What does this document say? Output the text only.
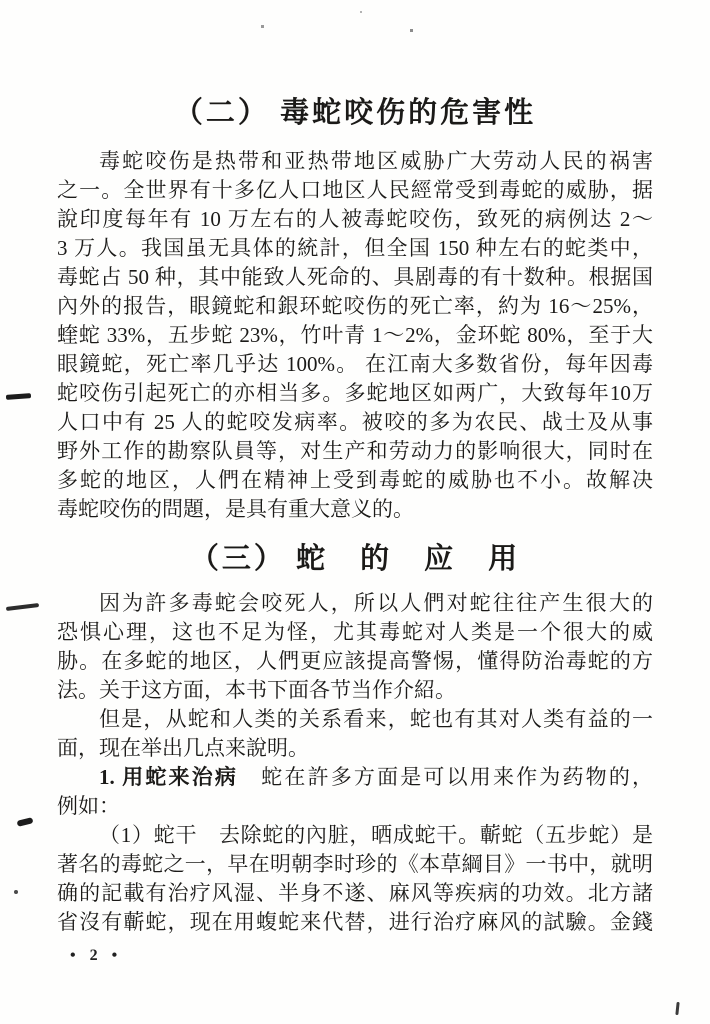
（二） 毒蛇咬伤的危害性
毒蛇咬伤是热带和亚热带地区威胁广大劳动人民的祸害
之一。全世界有十多亿人口地区人民經常受到毒蛇的威胁，据
說印度每年有 10 万左右的人被毒蛇咬伤，致死的病例达 2～
3 万人。我国虽无具体的統計，但全国 150 种左右的蛇类中，
毒蛇占 50 种，其中能致人死命的、具剧毒的有十数种。根据国
內外的报告，眼鏡蛇和銀环蛇咬伤的死亡率，約为 16～25%，
蝰蛇 33%，五步蛇 23%，竹叶青 1～2%，金环蛇 80%，至于大
眼鏡蛇，死亡率几乎达 100%。 在江南大多数省份，每年因毒
蛇咬伤引起死亡的亦相当多。多蛇地区如两广，大致每年10万
人口中有 25 人的蛇咬发病率。被咬的多为农民、战士及从事
野外工作的勘察队員等，对生产和劳动力的影响很大，同时在
多蛇的地区，人們在精神上受到毒蛇的威胁也不小。故解决
毒蛇咬伤的問題，是具有重大意义的。
（三） 蛇　的　应　用
因为許多毒蛇会咬死人，所以人們对蛇往往产生很大的
恐惧心理，这也不足为怪，尤其毒蛇对人类是一个很大的威
胁。在多蛇的地区，人們更应該提高警惕，懂得防治毒蛇的方
法。关于这方面，本书下面各节当作介紹。
但是，从蛇和人类的关系看来，蛇也有其对人类有益的一
面，现在举出几点来說明。
1. 用蛇来治病　蛇在許多方面是可以用来作为药物的，
例如：
（1）蛇干　去除蛇的內脏，晒成蛇干。蘄蛇（五步蛇）是
著名的毒蛇之一，早在明朝李时珍的《本草綱目》一书中，就明
确的記載有治疗风湿、半身不遂、麻风等疾病的功效。北方諸
省沒有蘄蛇，现在用蝮蛇来代替，进行治疗麻风的試驗。金錢
• 2 •
